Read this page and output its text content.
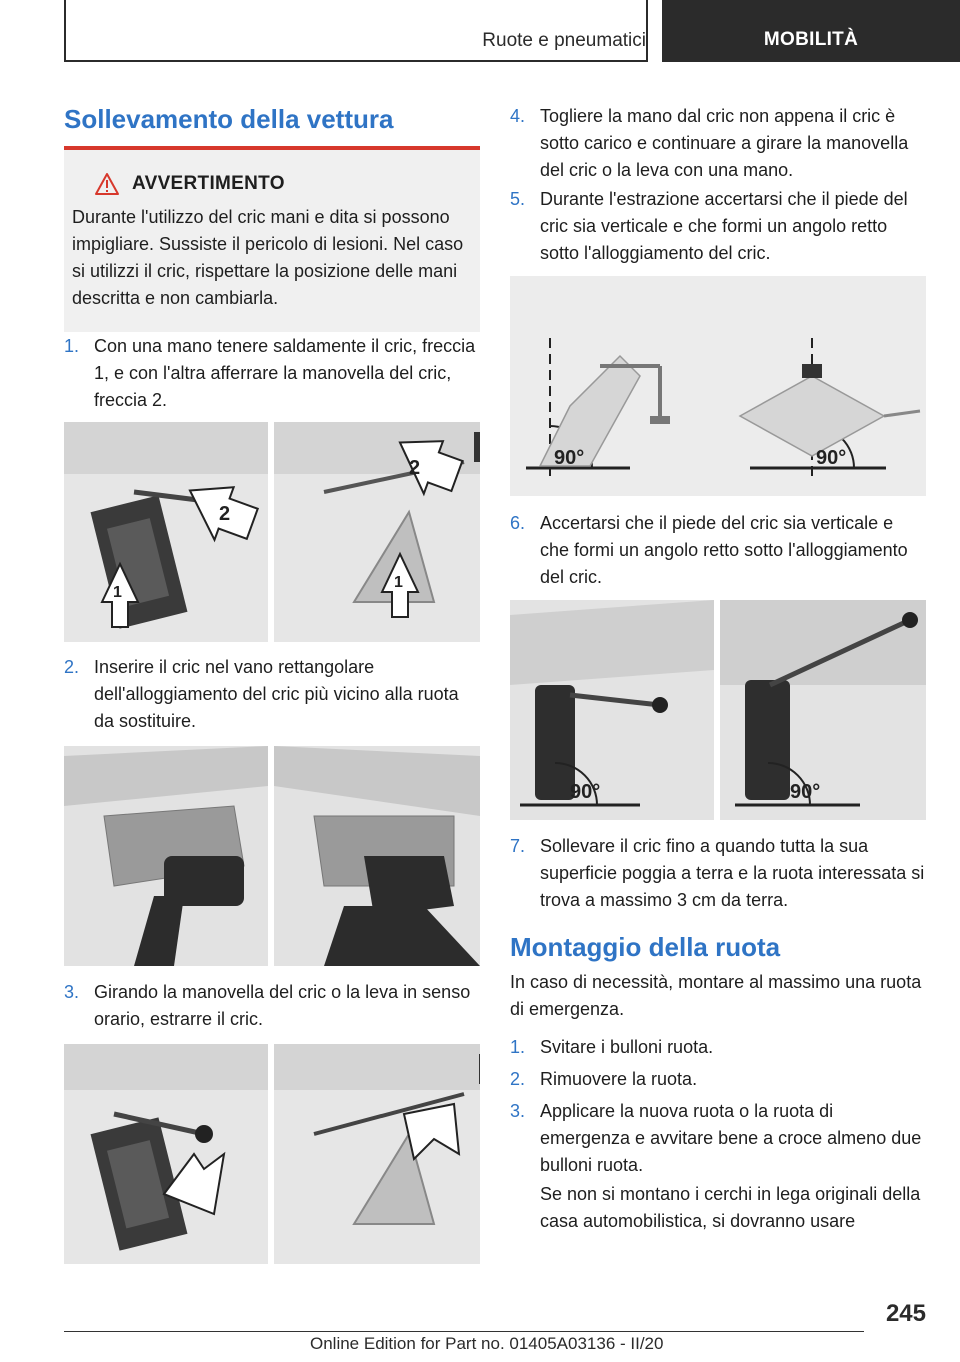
Ruote e pneumatici	MOBILITÀ
Sollevamento della vettura
AVVERTIMENTO
Durante l'utilizzo del cric mani e dita si possono impigliare. Sussiste il pericolo di lesioni. Nel caso si utilizzi il cric, rispettare la posizione delle mani descritta e non cambiarla.
1. Con una mano tenere saldamente il cric, freccia 1, e con l'altra afferrare la manovella del cric, freccia 2.
1
2
1
2
2. Inserire il cric nel vano rettangolare dell'alloggiamento del cric più vicino alla ruota da sostituire.
3. Girando la manovella del cric o la leva in senso orario, estrarre il cric.
4. Togliere la mano dal cric non appena il cric è sotto carico e continuare a girare la manovella del cric o la leva con una mano.
5. Durante l'estrazione accertarsi che il piede del cric sia verticale e che formi un angolo retto sotto l'alloggiamento del cric.
90°	90°
6. Accertarsi che il piede del cric sia verticale e che formi un angolo retto sotto l'alloggiamento del cric.
90°	90°
7. Sollevare il cric fino a quando tutta la sua superficie poggia a terra e la ruota interessata si trova a massimo 3 cm da terra.
Montaggio della ruota
In caso di necessità, montare al massimo una ruota di emergenza.
1. Svitare i bulloni ruota.
2. Rimuovere la ruota.
3. Applicare la nuova ruota o la ruota di emergenza e avvitare bene a croce almeno due bulloni ruota.
Se non si montano i cerchi in lega originali della casa automobilistica, si dovranno usare
245
Online Edition for Part no. 01405A03136 - II/20
